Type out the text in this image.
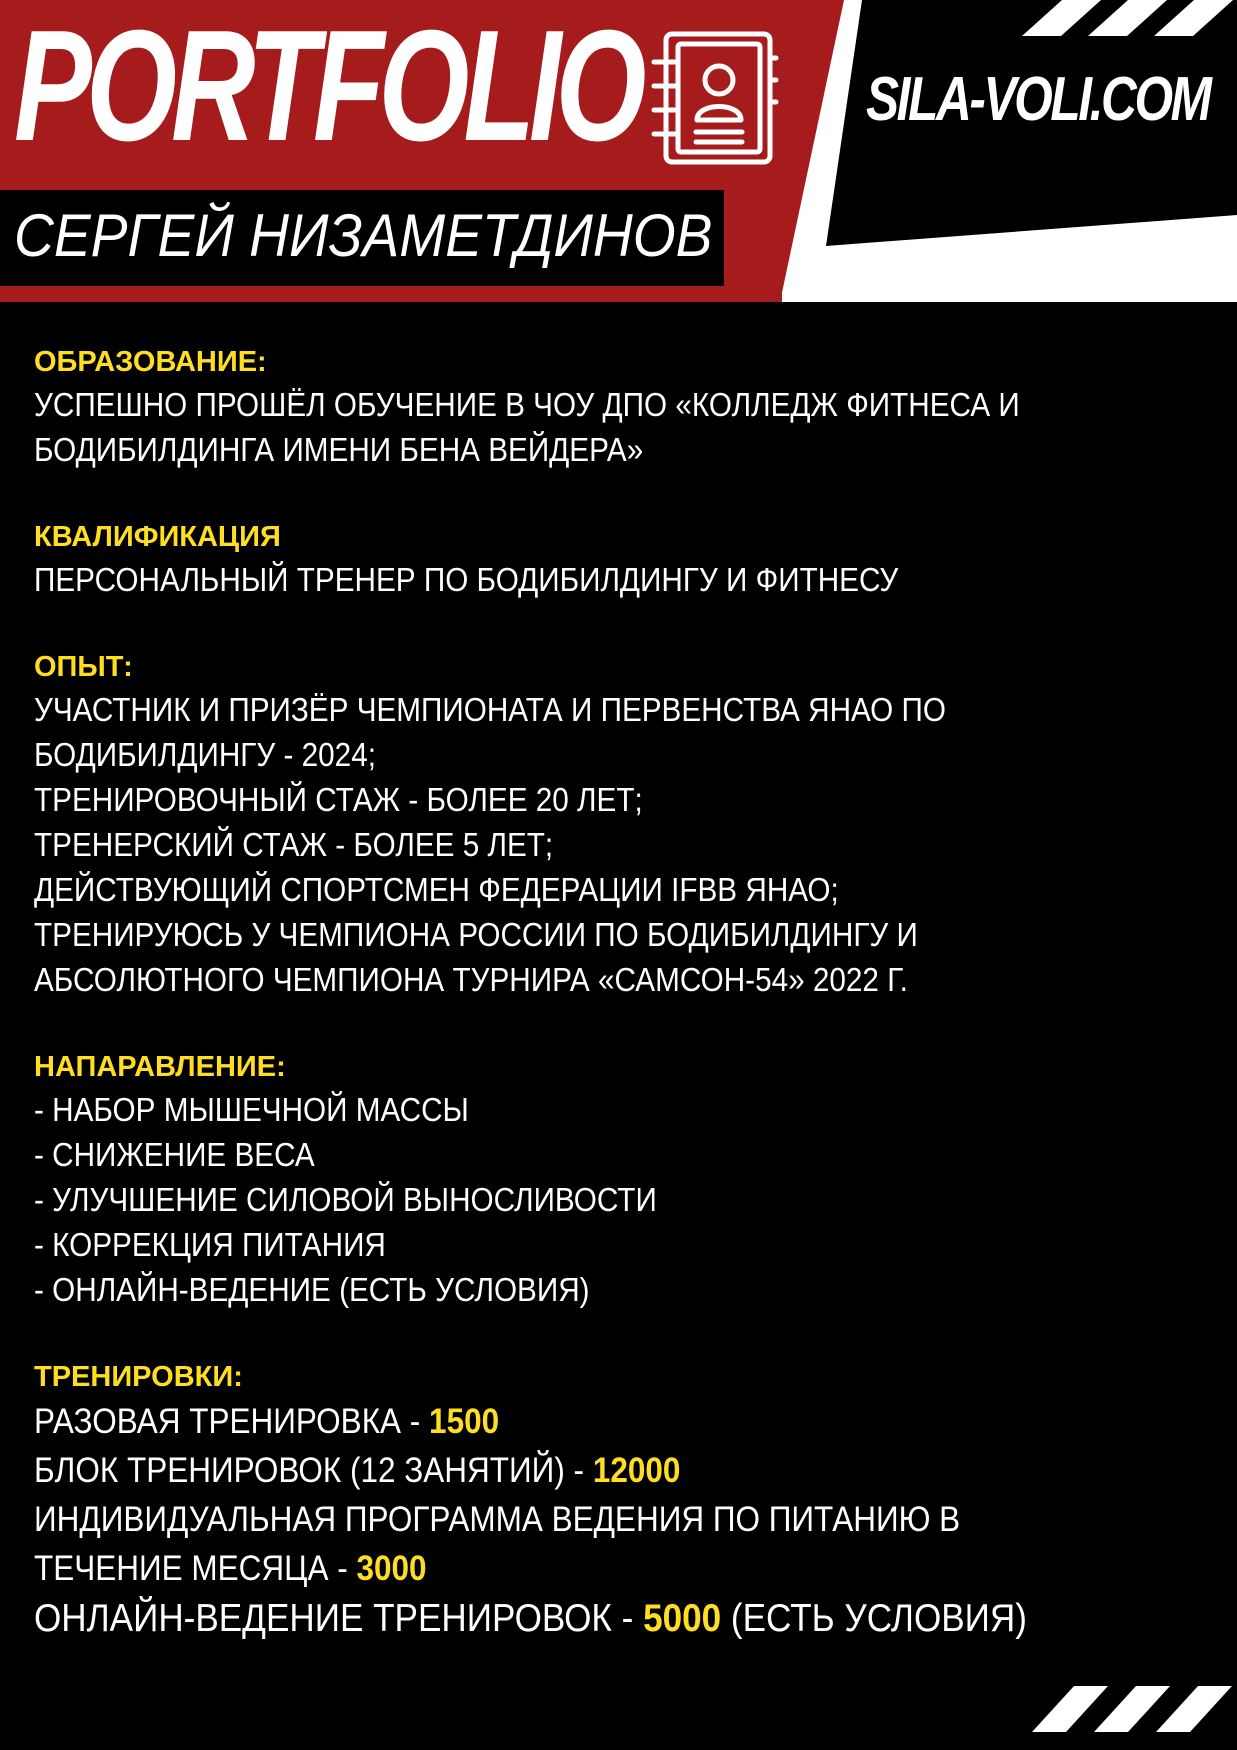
PORTFOLIO
СЕРГЕЙ НИЗАМЕТДИНОВ
SILA-VOLI.COM
ОБРАЗОВАНИЕ:
УСПЕШНО ПРОШЁЛ ОБУЧЕНИЕ В ЧОУ ДПО «КОЛЛЕДЖ ФИТНЕСА И
БОДИБИЛДИНГА ИМЕНИ БЕНА ВЕЙДЕРА»
КВАЛИФИКАЦИЯ
ПЕРСОНАЛЬНЫЙ ТРЕНЕР ПО БОДИБИЛДИНГУ И ФИТНЕСУ
ОПЫТ:
УЧАСТНИК И ПРИЗЁР ЧЕМПИОНАТА И ПЕРВЕНСТВА ЯНАО ПО
БОДИБИЛДИНГУ - 2024;
ТРЕНИРОВОЧНЫЙ СТАЖ - БОЛЕЕ 20 ЛЕТ;
ТРЕНЕРСКИЙ СТАЖ - БОЛЕЕ 5 ЛЕТ;
ДЕЙСТВУЮЩИЙ СПОРТСМЕН ФЕДЕРАЦИИ IFBB ЯНАО;
ТРЕНИРУЮСЬ У ЧЕМПИОНА РОССИИ ПО БОДИБИЛДИНГУ И
АБСОЛЮТНОГО ЧЕМПИОНА ТУРНИРА «САМСОН-54» 2022 Г.
НАПАРАВЛЕНИЕ:
- НАБОР МЫШЕЧНОЙ МАССЫ
- СНИЖЕНИЕ ВЕСА
- УЛУЧШЕНИЕ СИЛОВОЙ ВЫНОСЛИВОСТИ
- КОРРЕКЦИЯ ПИТАНИЯ
- ОНЛАЙН-ВЕДЕНИЕ (ЕСТЬ УСЛОВИЯ)
ТРЕНИРОВКИ:
РАЗОВАЯ ТРЕНИРОВКА - 1500
БЛОК ТРЕНИРОВОК (12 ЗАНЯТИЙ) - 12000
ИНДИВИДУАЛЬНАЯ ПРОГРАММА ВЕДЕНИЯ ПО ПИТАНИЮ В
ТЕЧЕНИЕ МЕСЯЦА - 3000
ОНЛАЙН-ВЕДЕНИЕ ТРЕНИРОВОК - 5000 (ЕСТЬ УСЛОВИЯ)
